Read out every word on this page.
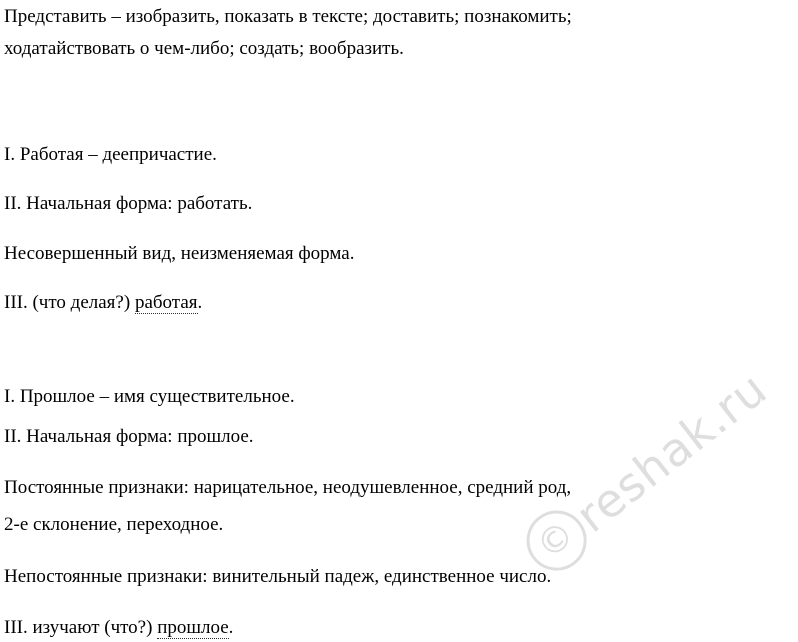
Представить – изобразить, показать в тексте; доставить; познакомить;
ходатайствовать о чем-либо; создать; вообразить.
I. Работая – деепричастие.
II. Начальная форма: работать.
Несовершенный вид, неизменяемая форма.
III. (что делая?) работая.
I. Прошлое – имя существительное.
II. Начальная форма: прошлое.
Постоянные признаки: нарицательное, неодушевленное, средний род,
2-е склонение, переходное.
Непостоянные признаки: винительный падеж, единственное число.
III. изучают (что?) прошлое.
©
reshak.ru
